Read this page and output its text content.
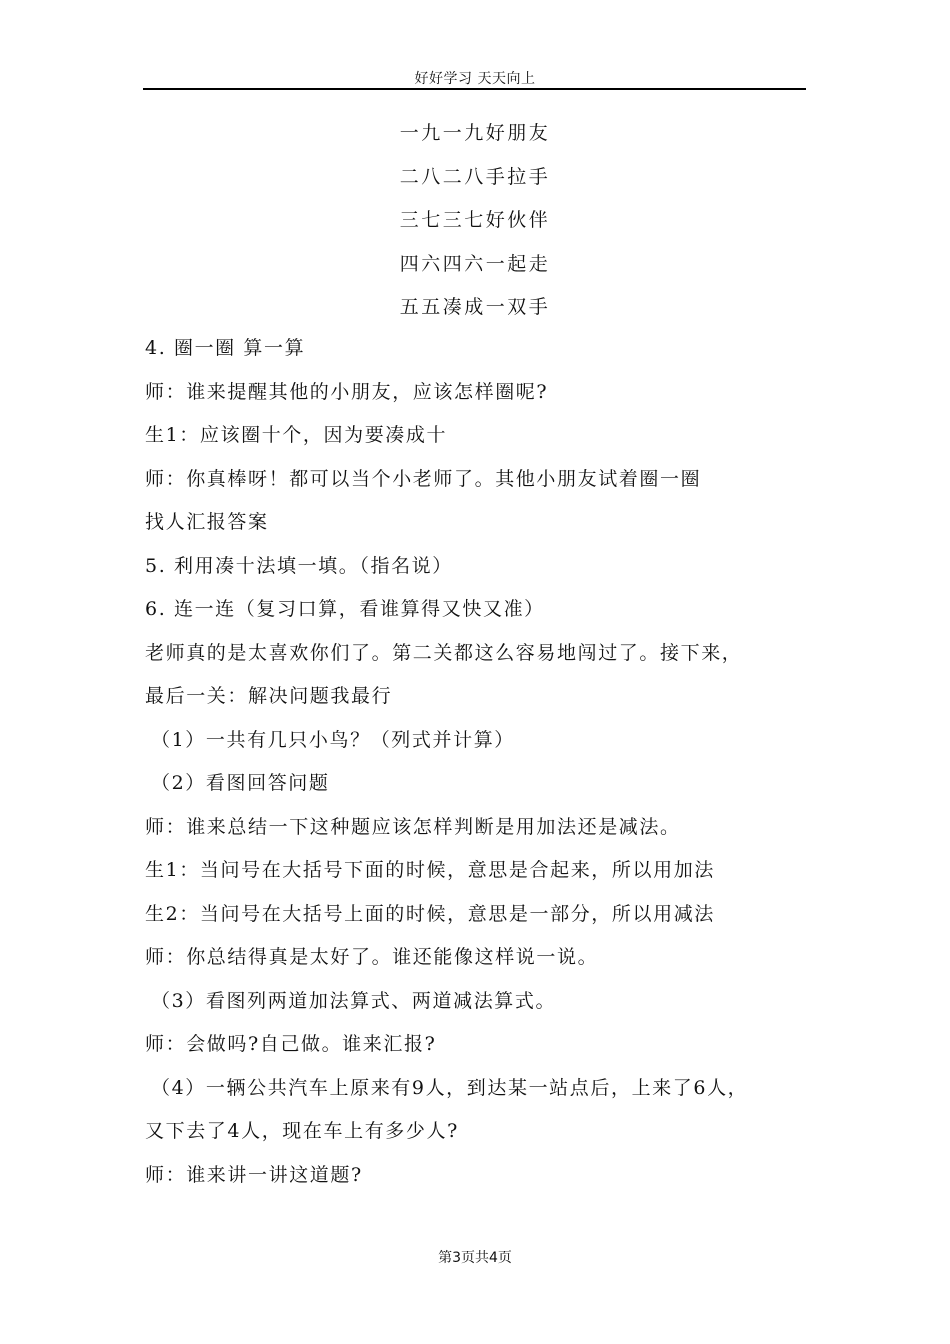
好好学习 天天向上
一九一九好朋友
二八二八手拉手
三七三七好伙伴
四六四六一起走
五五凑成一双手
4. 圈一圈 算一算
师：谁来提醒其他的小朋友，应该怎样圈呢?
生1：应该圈十个，因为要凑成十
师：你真棒呀！都可以当个小老师了。其他小朋友试着圈一圈
找人汇报答案
5. 利用凑十法填一填。（指名说）
6. 连一连（复习口算，看谁算得又快又准）
老师真的是太喜欢你们了。第二关都这么容易地闯过了。接下来，
最后一关：解决问题我最行
（1）一共有几只小鸟？（列式并计算）
（2）看图回答问题
师：谁来总结一下这种题应该怎样判断是用加法还是减法。
生1：当问号在大括号下面的时候，意思是合起来，所以用加法
生2：当问号在大括号上面的时候，意思是一部分，所以用减法
师：你总结得真是太好了。谁还能像这样说一说。
（3）看图列两道加法算式、两道减法算式。
师：会做吗?自己做。谁来汇报?
（4）一辆公共汽车上原来有9人，到达某一站点后，上来了6人，
又下去了4人，现在车上有多少人?
师：谁来讲一讲这道题?
第3页共4页
